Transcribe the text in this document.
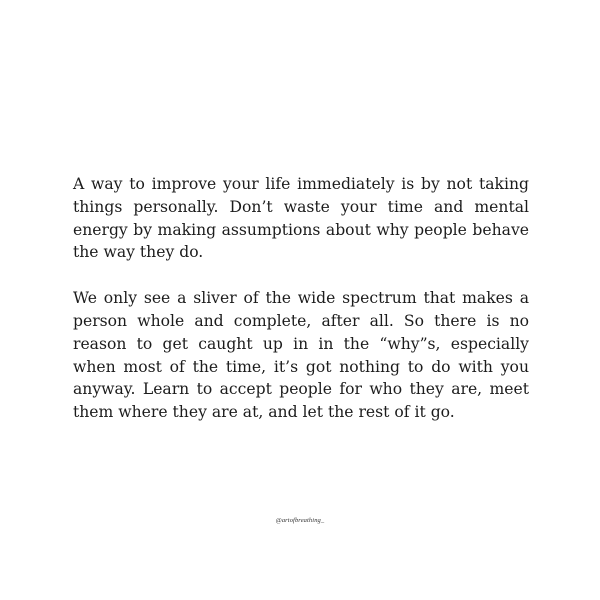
A way to improve your life immediately is by not taking things personally. Don’t waste your time and mental energy by making assumptions about why people behave the way they do.

We only see a sliver of the wide spectrum that makes a person whole and complete, after all. So there is no reason to get caught up in in the “why”s, especially when most of the time, it’s got nothing to do with you anyway. Learn to accept people for who they are, meet them where they are at, and let the rest of it go.

@artofbreathing_
